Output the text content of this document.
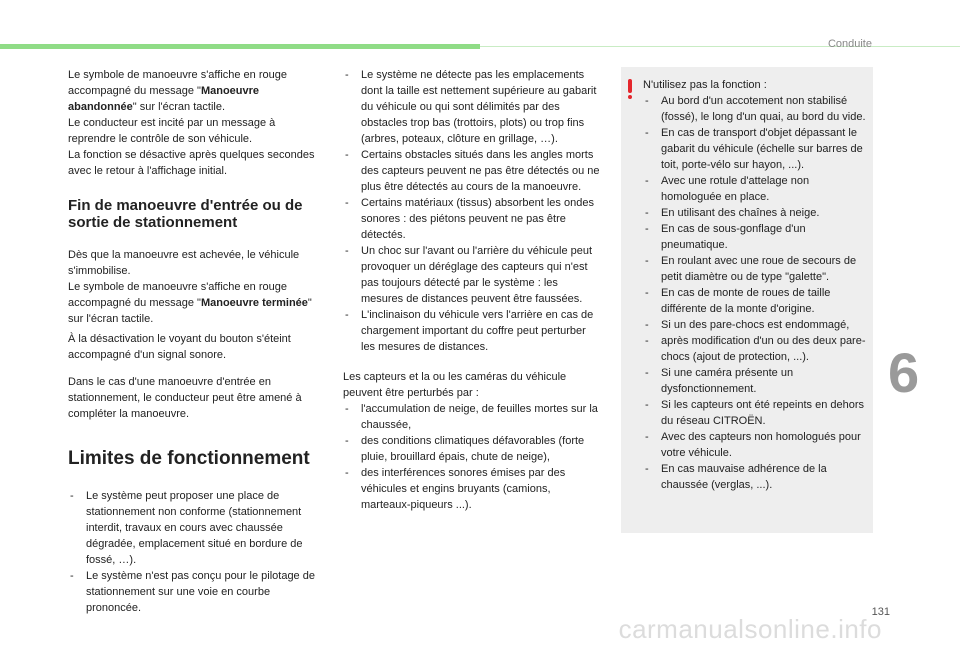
Conduite
6

Le symbole de manoeuvre s'affiche en rouge accompagné du message "Manoeuvre abandonnée" sur l'écran tactile.

Le conducteur est incité par un message à reprendre le contrôle de son véhicule.

La fonction se désactive après quelques secondes avec le retour à l'affichage initial.

Fin de manoeuvre d'entrée ou de sortie de stationnement

Dès que la manoeuvre est achevée, le véhicule s'immobilise.

Le symbole de manoeuvre s'affiche en rouge accompagné du message "Manoeuvre terminée" sur l'écran tactile.

À la désactivation le voyant du bouton s'éteint accompagné d'un signal sonore.

Dans le cas d'une manoeuvre d'entrée en stationnement, le conducteur peut être amené à compléter la manoeuvre.

Limites de fonctionnement
- Le système peut proposer une place de stationnement non conforme (stationnement interdit, travaux en cours avec chaussée dégradée, emplacement situé en bordure de fossé, …).
- Le système n'est pas conçu pour le pilotage de stationnement sur une voie en courbe prononcée.
- Le système ne détecte pas les emplacements dont la taille est nettement supérieure au gabarit du véhicule ou qui sont délimités par des obstacles trop bas (trottoirs, plots) ou trop fins (arbres, poteaux, clôture en grillage, …).
- Certains obstacles situés dans les angles morts des capteurs peuvent ne pas être détectés ou ne plus être détectés au cours de la manoeuvre.
- Certains matériaux (tissus) absorbent les ondes sonores : des piétons peuvent ne pas être détectés.
- Un choc sur l'avant ou l'arrière du véhicule peut provoquer un déréglage des capteurs qui n'est pas toujours détecté par le système : les mesures de distances peuvent être faussées.
- L'inclinaison du véhicule vers l'arrière en cas de chargement important du coffre peut perturber les mesures de distances.

Les capteurs et la ou les caméras du véhicule peuvent être perturbés par :

- l'accumulation de neige, de feuilles mortes sur la chaussée,
- des conditions climatiques défavorables (forte pluie, brouillard épais, chute de neige),
- des interférences sonores émises par des véhicules et engins bruyants (camions, marteaux-piqueurs ...).

N'utilisez pas la fonction :

- Au bord d'un accotement non stabilisé (fossé), le long d'un quai, au bord du vide.
- En cas de transport d'objet dépassant le gabarit du véhicule (échelle sur barres de toit, porte-vélo sur hayon, ...).
- Avec une rotule d'attelage non homologuée en place.
- En utilisant des chaînes à neige.
- En cas de sous-gonflage d'un pneumatique.
- En roulant avec une roue de secours de petit diamètre ou de type "galette".
- En cas de monte de roues de taille différente de la monte d'origine.
- Si un des pare-chocs est endommagé,
- après modification d'un ou des deux pare-chocs (ajout de protection, ...).
- Si une caméra présente un dysfonctionnement.
- Si les capteurs ont été repeints en dehors du réseau CITROËN.
- Avec des capteurs non homologués pour votre véhicule.
- En cas mauvaise adhérence de la chaussée (verglas, ...).
131
carmanualsonline.info
